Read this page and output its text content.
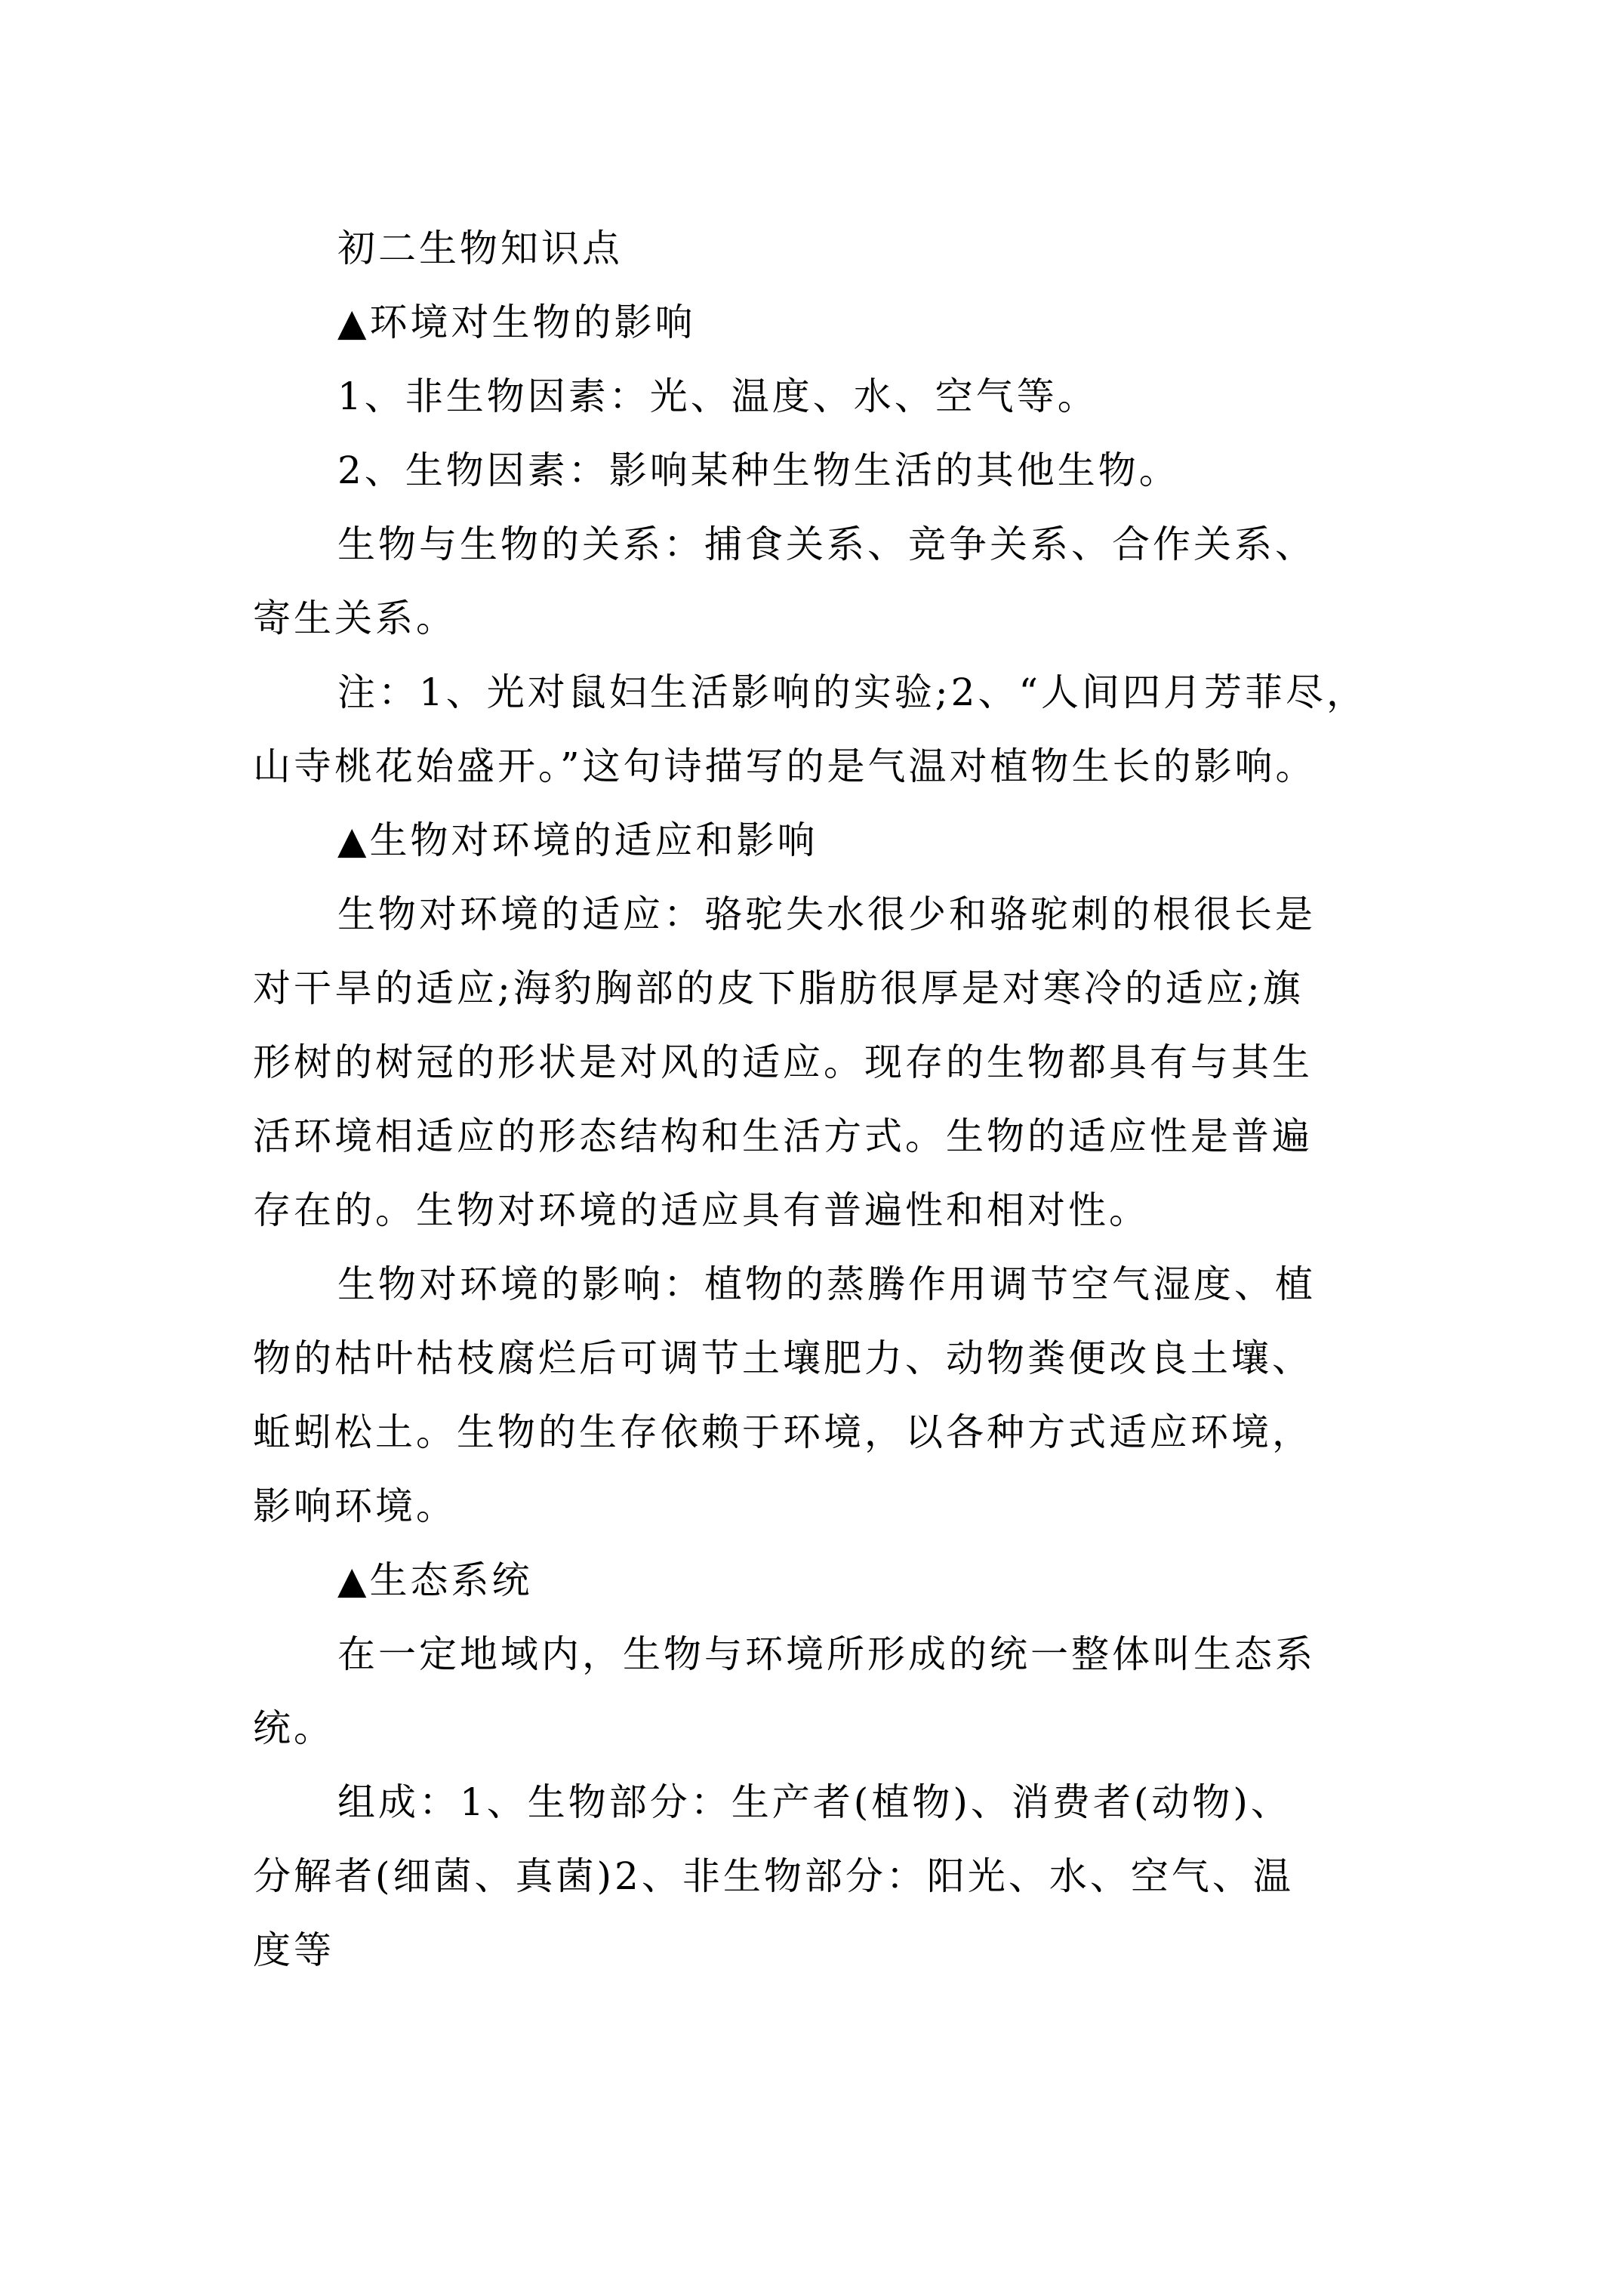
初二生物知识点
▲环境对生物的影响
1、非生物因素：光、温度、水、空气等。
2、生物因素：影响某种生物生活的其他生物。
生物与生物的关系：捕食关系、竞争关系、合作关系、
寄生关系。
注：1、光对鼠妇生活影响的实验;2、“人间四月芳菲尽，
山寺桃花始盛开。”这句诗描写的是气温对植物生长的影响。
▲生物对环境的适应和影响
生物对环境的适应：骆驼失水很少和骆驼刺的根很长是
对干旱的适应;海豹胸部的皮下脂肪很厚是对寒冷的适应;旗
形树的树冠的形状是对风的适应。现存的生物都具有与其生
活环境相适应的形态结构和生活方式。生物的适应性是普遍
存在的。生物对环境的适应具有普遍性和相对性。
生物对环境的影响：植物的蒸腾作用调节空气湿度、植
物的枯叶枯枝腐烂后可调节土壤肥力、动物粪便改良土壤、
蚯蚓松土。生物的生存依赖于环境，以各种方式适应环境，
影响环境。
▲生态系统
在一定地域内，生物与环境所形成的统一整体叫生态系
统。
组成：1、生物部分：生产者(植物)、消费者(动物)、
分解者(细菌、真菌)2、非生物部分：阳光、水、空气、温
度等
